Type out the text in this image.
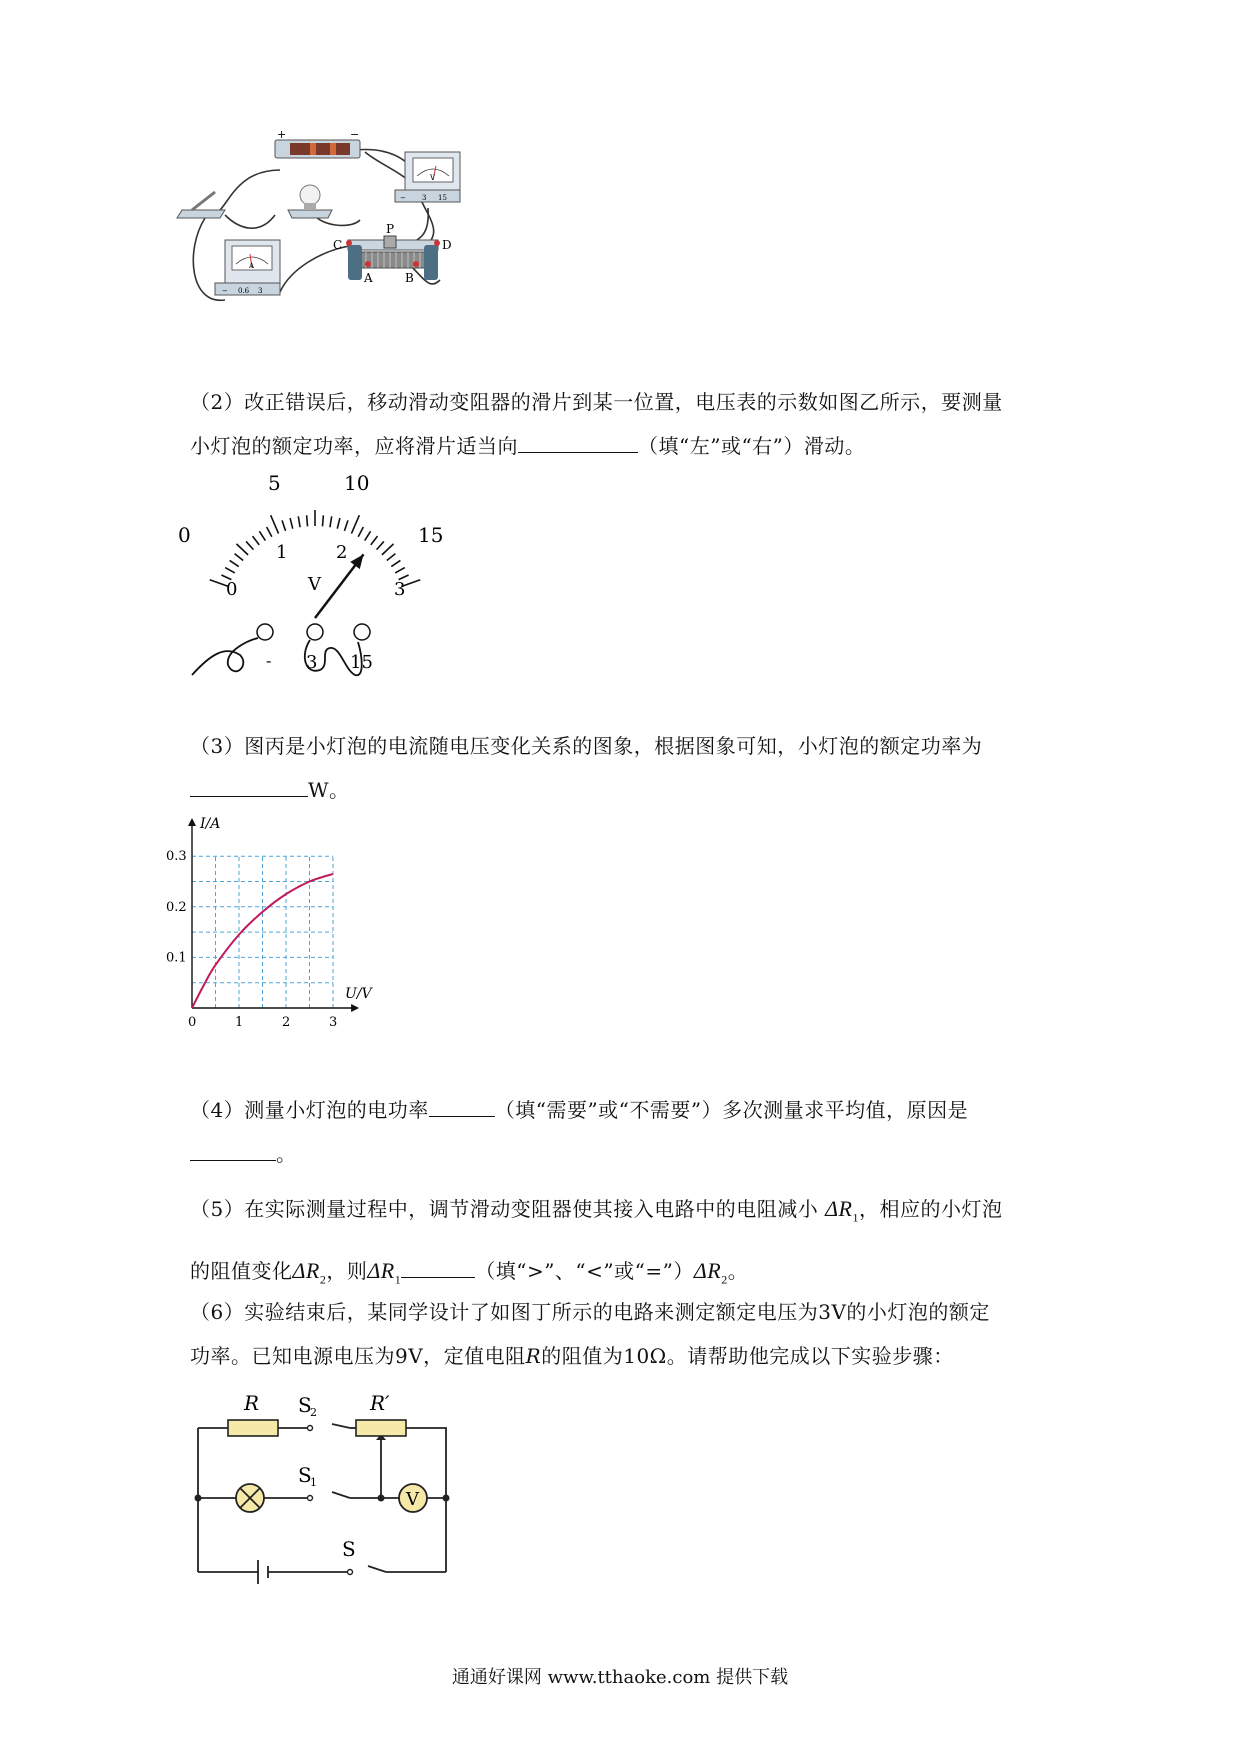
+	−
V
− 3 15
A
− 0.6 3
C
P
D
A	B
（2）改正错误后，移动滑动变阻器的滑片到某一位置，电压表的示数如图乙所示，要测量
小灯泡的额定功率，应将滑片适当向	（填“左”或“右”）滑动。
0
5	10
15
0
1	2
3
V
- 3 15
（3）图丙是小灯泡的电流随电压变化关系的图象，根据图象可知，小灯泡的额定功率为
W。
0	1	2	3
0.1
0.2
0.3
I/A
U/V
（4）测量小灯泡的电功率	（填“需要”或“不需要”）多次测量求平均值，原因是
。
（5）在实际测量过程中，调节滑动变阻器使其接入电路中的电阻减小 $\Delta R_1$，相应的小灯泡
的阻值变化$\Delta R_2$，则$\Delta R_1$	（填“>”、“<”或“$=”)\Delta R_2$。
（6）实验结束后，某同学设计了如图丁所示的电路来测定额定电压为3V的小灯泡的额定
功率。已知电源电压为9V，定值电阻R的阻值为10Ω。请帮助他完成以下实验步骤：
R	R′
S
2
S
1
S
V
通通好课网 www.tthaoke.com 提供下载
